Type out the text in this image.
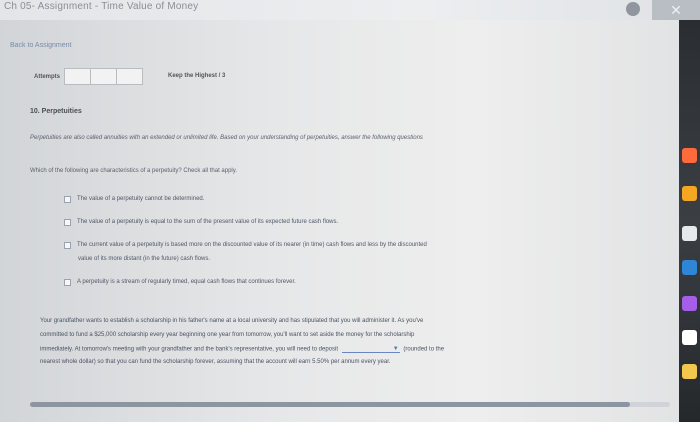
Ch 05- Assignment - Time Value of Money	✕
Back to Assignment
Attempts	Keep the Highest / 3
10. Perpetuities
Perpetuities are also called annuities with an extended or unlimited life. Based on your understanding of perpetuities, answer the following questions
Which of the following are characteristics of a perpetuity? Check all that apply.
The value of a perpetuity cannot be determined.
The value of a perpetuity is equal to the sum of the present value of its expected future cash flows.
The current value of a perpetuity is based more on the discounted value of its nearer (in time) cash flows and less by the discounted
value of its more distant (in the future) cash flows.
A perpetuity is a stream of regularly timed, equal cash flows that continues forever.
Your grandfather wants to establish a scholarship in his father's name at a local university and has stipulated that you will administer it. As you've
committed to fund a $25,000 scholarship every year beginning one year from tomorrow, you'll want to set aside the money for the scholarship
immediately. At tomorrow's meeting with your grandfather and the bank's representative, you will need to deposit	▼ (rounded to the
nearest whole dollar) so that you can fund the scholarship forever, assuming that the account will earn 5.50% per annum every year.
